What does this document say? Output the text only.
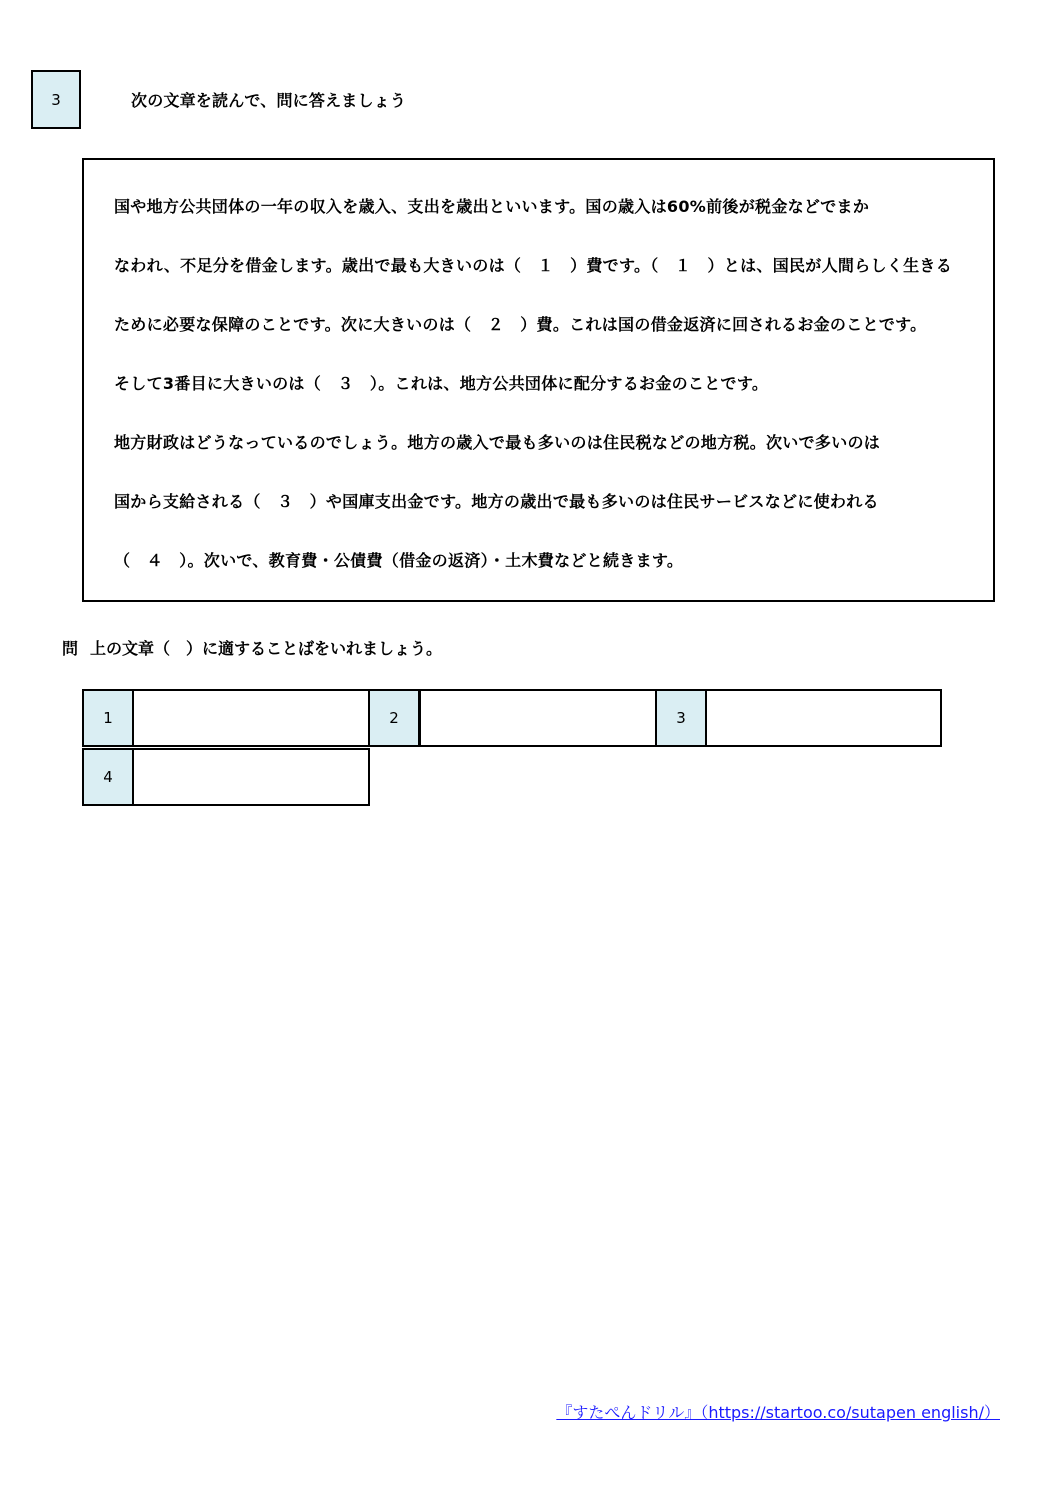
3	次の文章を読んで、問に答えましょう
国や地方公共団体の一年の収入を歳入、支出を歳出といいます。国の歳入は60%前後が税金などでまか
なわれ、不足分を借金します。歳出で最も大きいのは（　１　）費です。（　１　）とは、国民が人間らしく生きる
ために必要な保障のことです。次に大きいのは（　２　）費。これは国の借金返済に回されるお金のことです。
そして3番目に大きいのは（　３　）。これは、地方公共団体に配分するお金のことです。
地方財政はどうなっているのでしょう。地方の歳入で最も多いのは住民税などの地方税。次いで多いのは
国から支給される（　３　）や国庫支出金です。地方の歳出で最も多いのは住民サービスなどに使われる
（　４　）。次いで、教育費・公債費（借金の返済）・土木費などと続きます。
問 上の文章（　）に適することばをいれましょう。
1	2	3
4
『すたぺんドリル』（https://startoo.co/sutapen english/）
